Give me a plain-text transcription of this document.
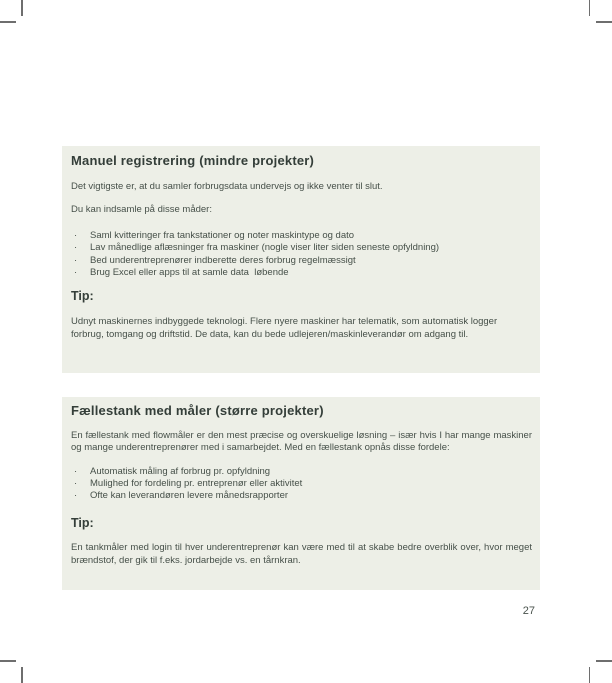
Manuel registrering (mindre projekter)

Det vigtigste er, at du samler forbrugsdata undervejs og ikke venter til slut.

Du kan indsamle på disse måder:

·	Saml kvitteringer fra tankstationer og noter maskintype og dato
·	Lav månedlige aflæsninger fra maskiner (nogle viser liter siden seneste opfyldning)
·	Bed underentreprenører indberette deres forbrug regelmæssigt
·	Brug Excel eller apps til at samle data  løbende
Tip:

Udnyt maskinernes indbyggede teknologi. Flere nyere maskiner har telematik, som automatisk logger forbrug, tomgang og driftstid. De data, kan du bede udlejeren/maskinleverandør om adgang til.

Fællestank med måler (større projekter)

En fællestank med flowmåler er den mest præcise og overskuelige løsning – især hvis I har mange maskiner og mange underentreprenører med i samarbejdet. Med en fællestank opnås disse fordele:

·	Automatisk måling af forbrug pr. opfyldning
·	Mulighed for fordeling pr. entreprenør eller aktivitet
·	Ofte kan leverandøren levere månedsrapporter
Tip:

En tankmåler med login til hver underentreprenør kan være med til at skabe bedre overblik over, hvor meget brændstof, der gik til f.eks. jordarbejde vs. en tårnkran.

27
